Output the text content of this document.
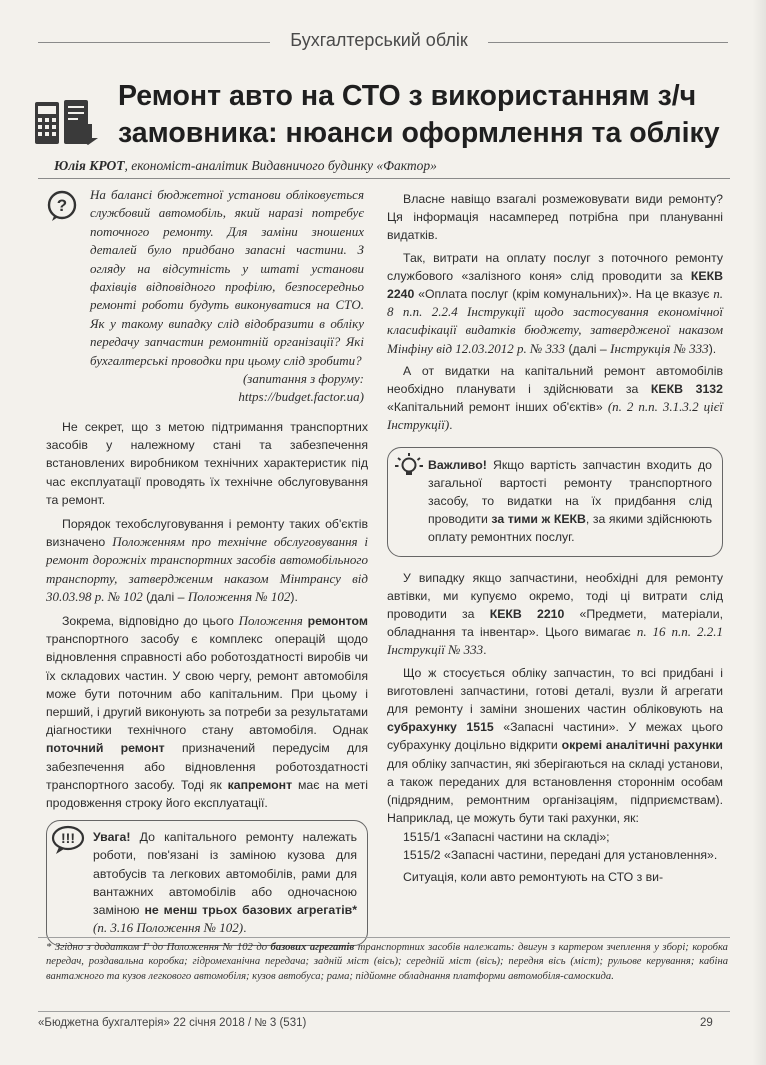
Бухгалтерський облік
Ремонт авто на СТО з використанням з/ч замовника: нюанси оформлення та обліку
Юлія КРОТ, економіст-аналітик Видавничого будинку «Фактор»
?
На балансі бюджетної установи обліковується службовий автомобіль, який наразі потребує поточного ремонту. Для заміни зношених деталей було придбано запасні частини. З огляду на відсутність у штаті установи фахівців відповідного профілю, безпосередньо ремонті роботи будуть виконуватися на СТО. Як у такому випадку слід відобразити в обліку передачу запчастин ремонтній організації? Які бухгалтерські проводки при цьому слід зробити?
(запитання з форуму:
https://budget.factor.ua)

Не секрет, що з метою підтримання транспортних засобів у належному стані та забезпечення встановлених виробником технічних характеристик під час експлуатації проводять їх технічне обслуговування та ремонт.

Порядок техобслуговування і ремонту таких об'єктів визначено Положенням про технічне обслуговування і ремонт дорожніх транспортних засобів автомобільного транспорту, затвердженим наказом Мінтрансу від 30.03.98 р. № 102 (далі – Положення № 102).

Зокрема, відповідно до цього Положення ремонтом транспортного засобу є комплекс операцій щодо відновлення справності або роботоздатності виробів чи їх складових частин. У свою чергу, ремонт автомобіля може бути поточним або капітальним. При цьому і перший, і другий виконують за потреби за результатами діагностики технічного стану автомобіля. Однак поточний ремонт призначений передусім для забезпечення або відновлення роботоздатності транспортного засобу. Тоді як капремонт має на меті продовження строку його експлуатації.

!!! Увага! До капітального ремонту належать роботи, пов'язані із заміною кузова для автобусів та легкових автомобілів, рами для вантажних автомобілів або одночасною заміною не менш трьох базових агрегатів* (п. 3.16 Положення № 102).

Власне навіщо взагалі розмежовувати види ремонту? Ця інформація насамперед потрібна при плануванні видатків.

Так, витрати на оплату послуг з поточного ремонту службового «залізного коня» слід проводити за КЕКВ 2240 «Оплата послуг (крім комунальних)». На це вказує п. 8 п.п. 2.2.4 Інструкції щодо застосування економічної класифікації видатків бюджету, затвердженої наказом Мінфіну від 12.03.2012 р. № 333 (далі – Інструкція № 333).

А от видатки на капітальний ремонт автомобілів необхідно планувати і здійснювати за КЕКВ 3132 «Капітальний ремонт інших об'єктів» (п. 2 п.п. 3.1.3.2 цієї Інструкції).

Важливо! Якщо вартість запчастин входить до загальної вартості ремонту транспортного засобу, то видатки на їх придбання слід проводити за тими ж КЕКВ, за якими здійснюють оплату ремонтних послуг.

У випадку якщо запчастини, необхідні для ремонту автівки, ми купуємо окремо, тоді ці витрати слід проводити за КЕКВ 2210 «Предмети, матеріали, обладнання та інвентар». Цього вимагає п. 16 п.п. 2.2.1 Інструкції № 333.

Що ж стосується обліку запчастин, то всі придбані і виготовлені запчастини, готові деталі, вузли й агрегати для ремонту і заміни зношених частин обліковують на субрахунку 1515 «Запасні частини». У межах цього субрахунку доцільно відкрити окремі аналітичні рахунки для обліку запчастин, які зберігаються на складі установи, а також переданих для встановлення стороннім особам (підрядним, ремонтним організаціям, підприємствам). Наприклад, це можуть бути такі рахунки, як:

1515/1 «Запасні частини на складі»;

1515/2 «Запасні частини, передані для установлення».

Ситуація, коли авто ремонтують на СТО з ви-

* Згідно з додатком Г до Положення № 102 до базових агрегатів транспортних засобів належать: двигун з картером зчеплення у зборі; коробка передач, роздавальна коробка; гідромеханічна передача; задній міст (вісь); середній міст (вісь); передня вісь (міст); рульове керування; кабіна вантажного та кузов легкового автомобіля; кузов автобуса; рама; підйомне обладнання платформи автомобіля-самоскида.
«Бюджетна бухгалтерія» 22 січня 2018 / № 3 (531)	29
